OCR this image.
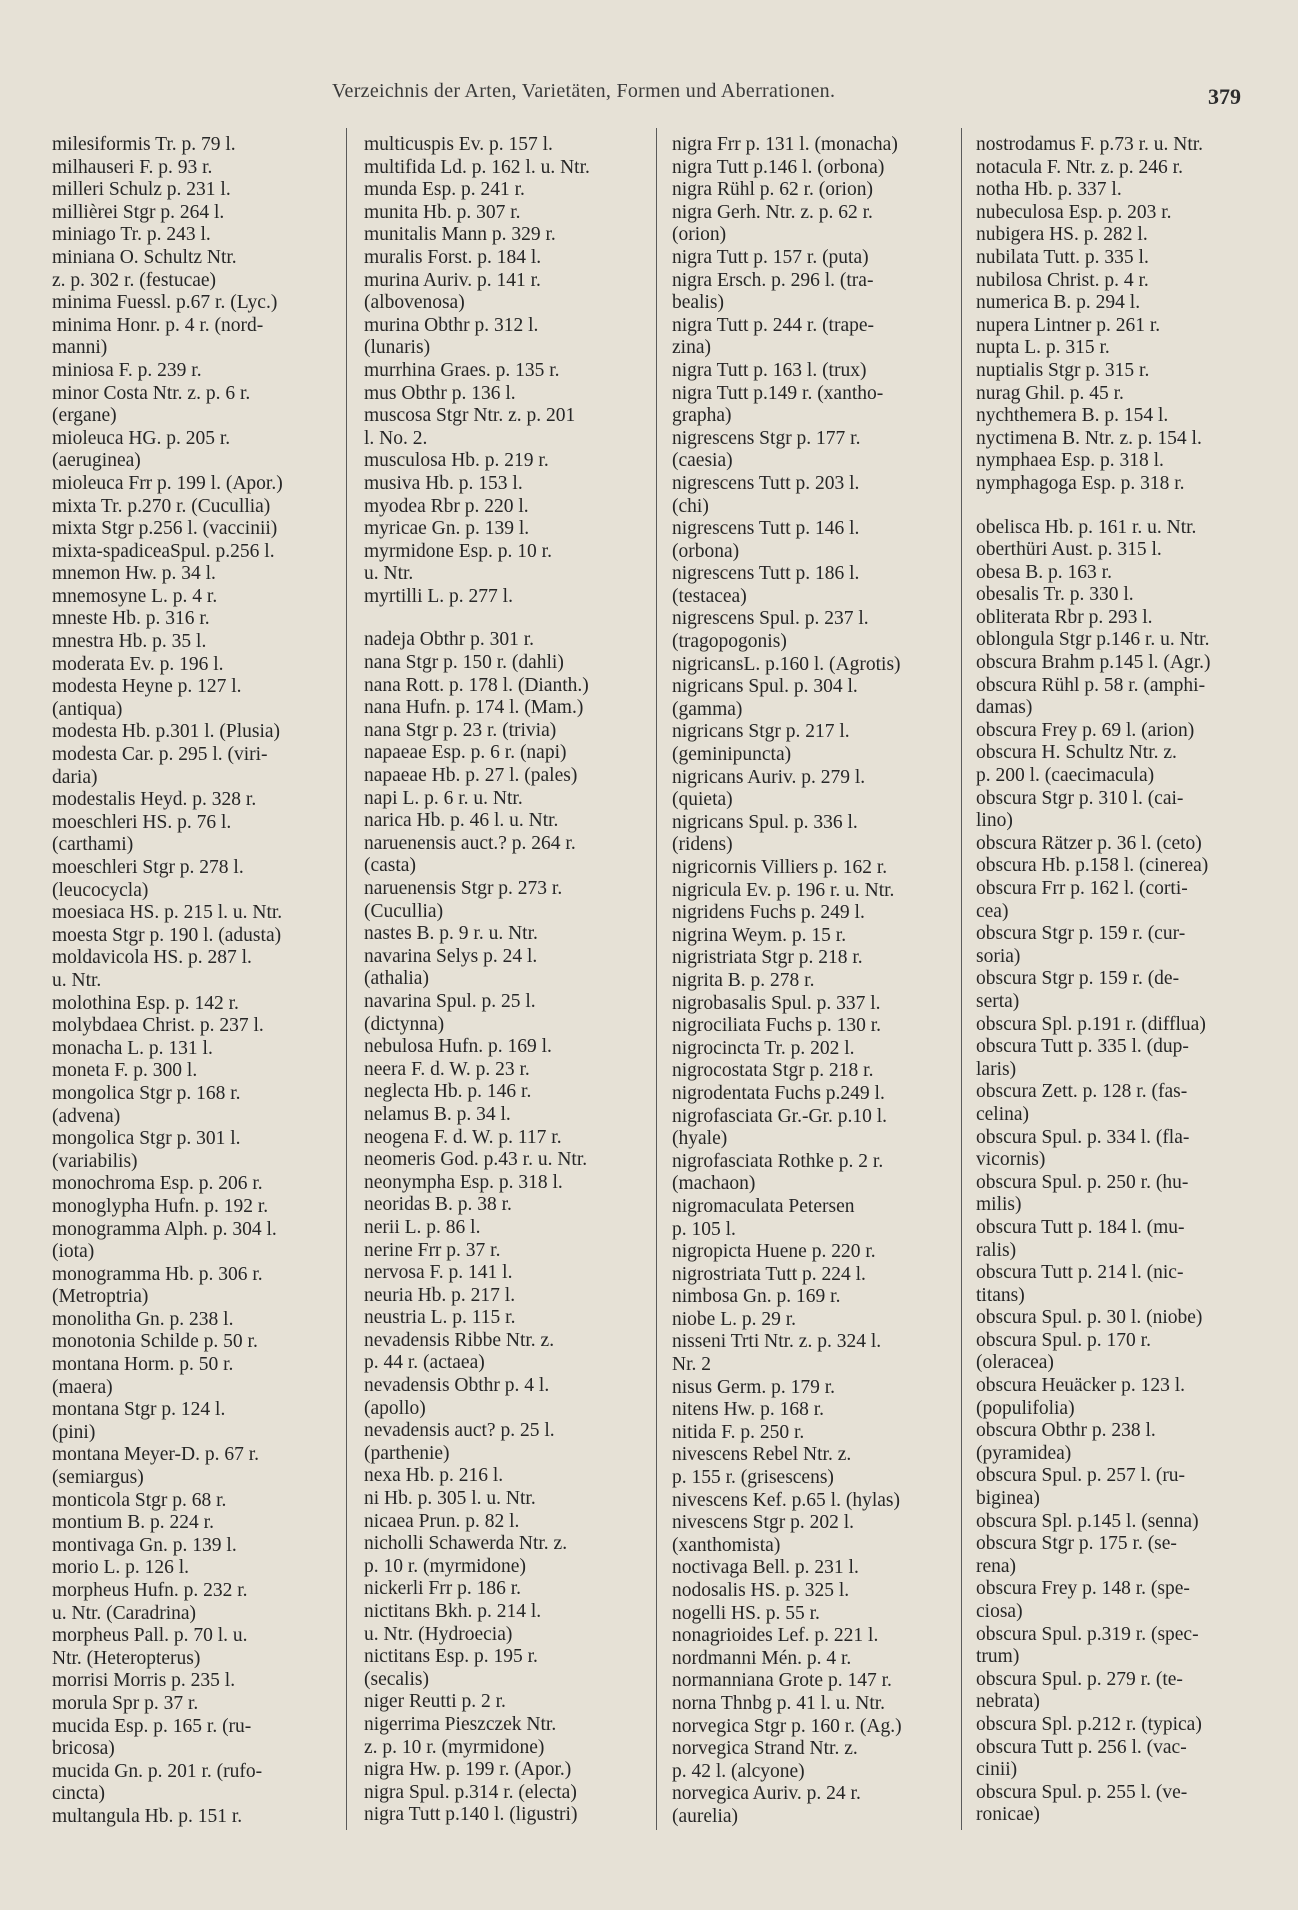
Verzeichnis der Arten, Varietäten, Formen und Aberrationen.	379
milesiformis Tr. p. 79 l.
milhauseri F. p. 93 r.
milleri Schulz p. 231 l.
millièrei Stgr p. 264 l.
miniago Tr. p. 243 l.
miniana O. Schultz Ntr.
z. p. 302 r. (festucae)
minima Fuessl. p.67 r. (Lyc.)
minima Honr. p. 4 r. (nord-
manni)
miniosa F. p. 239 r.
minor Costa Ntr. z. p. 6 r.
(ergane)
mioleuca HG. p. 205 r.
(aeruginea)
mioleuca Frr p. 199 l. (Apor.)
mixta Tr. p.270 r. (Cucullia)
mixta Stgr p.256 l. (vaccinii)
mixta-spadiceaSpul. p.256 l.
mnemon Hw. p. 34 l.
mnemosyne L. p. 4 r.
mneste Hb. p. 316 r.
mnestra Hb. p. 35 l.
moderata Ev. p. 196 l.
modesta Heyne p. 127 l.
(antiqua)
modesta Hb. p.301 l. (Plusia)
modesta Car. p. 295 l. (viri-
daria)
modestalis Heyd. p. 328 r.
moeschleri HS. p. 76 l.
(carthami)
moeschleri Stgr p. 278 l.
(leucocycla)
moesiaca HS. p. 215 l. u. Ntr.
moesta Stgr p. 190 l. (adusta)
moldavicola HS. p. 287 l.
u. Ntr.
molothina Esp. p. 142 r.
molybdaea Christ. p. 237 l.
monacha L. p. 131 l.
moneta F. p. 300 l.
mongolica Stgr p. 168 r.
(advena)
mongolica Stgr p. 301 l.
(variabilis)
monochroma Esp. p. 206 r.
monoglypha Hufn. p. 192 r.
monogramma Alph. p. 304 l.
(iota)
monogramma Hb. p. 306 r.
(Metroptria)
monolitha Gn. p. 238 l.
monotonia Schilde p. 50 r.
montana Horm. p. 50 r.
(maera)
montana Stgr p. 124 l.
(pini)
montana Meyer-D. p. 67 r.
(semiargus)
monticola Stgr p. 68 r.
montium B. p. 224 r.
montivaga Gn. p. 139 l.
morio L. p. 126 l.
morpheus Hufn. p. 232 r.
u. Ntr. (Caradrina)
morpheus Pall. p. 70 l. u.
Ntr. (Heteropterus)
morrisi Morris p. 235 l.
morula Spr p. 37 r.
mucida Esp. p. 165 r. (ru-
bricosa)
mucida Gn. p. 201 r. (rufo-
cincta)
multangula Hb. p. 151 r.
multicuspis Ev. p. 157 l.
multifida Ld. p. 162 l. u. Ntr.
munda Esp. p. 241 r.
munita Hb. p. 307 r.
munitalis Mann p. 329 r.
muralis Forst. p. 184 l.
murina Auriv. p. 141 r.
(albovenosa)
murina Obthr p. 312 l.
(lunaris)
murrhina Graes. p. 135 r.
mus Obthr p. 136 l.
muscosa Stgr Ntr. z. p. 201
l. No. 2.
musculosa Hb. p. 219 r.
musiva Hb. p. 153 l.
myodea Rbr p. 220 l.
myricae Gn. p. 139 l.
myrmidone Esp. p. 10 r.
u. Ntr.
myrtilli L. p. 277 l.
nadeja Obthr p. 301 r.
nana Stgr p. 150 r. (dahli)
nana Rott. p. 178 l. (Dianth.)
nana Hufn. p. 174 l. (Mam.)
nana Stgr p. 23 r. (trivia)
napaeae Esp. p. 6 r. (napi)
napaeae Hb. p. 27 l. (pales)
napi L. p. 6 r. u. Ntr.
narica Hb. p. 46 l. u. Ntr.
naruenensis auct.? p. 264 r.
(casta)
naruenensis Stgr p. 273 r.
(Cucullia)
nastes B. p. 9 r. u. Ntr.
navarina Selys p. 24 l.
(athalia)
navarina Spul. p. 25 l.
(dictynna)
nebulosa Hufn. p. 169 l.
neera F. d. W. p. 23 r.
neglecta Hb. p. 146 r.
nelamus B. p. 34 l.
neogena F. d. W. p. 117 r.
neomeris God. p.43 r. u. Ntr.
neonympha Esp. p. 318 l.
neoridas B. p. 38 r.
nerii L. p. 86 l.
nerine Frr p. 37 r.
nervosa F. p. 141 l.
neuria Hb. p. 217 l.
neustria L. p. 115 r.
nevadensis Ribbe Ntr. z.
p. 44 r. (actaea)
nevadensis Obthr p. 4 l.
(apollo)
nevadensis auct? p. 25 l.
(parthenie)
nexa Hb. p. 216 l.
ni Hb. p. 305 l. u. Ntr.
nicaea Prun. p. 82 l.
nicholli Schawerda Ntr. z.
p. 10 r. (myrmidone)
nickerli Frr p. 186 r.
nictitans Bkh. p. 214 l.
u. Ntr. (Hydroecia)
nictitans Esp. p. 195 r.
(secalis)
niger Reutti p. 2 r.
nigerrima Pieszczek Ntr.
z. p. 10 r. (myrmidone)
nigra Hw. p. 199 r. (Apor.)
nigra Spul. p.314 r. (electa)
nigra Tutt p.140 l. (ligustri)
nigra Frr p. 131 l. (monacha)
nigra Tutt p.146 l. (orbona)
nigra Rühl p. 62 r. (orion)
nigra Gerh. Ntr. z. p. 62 r.
(orion)
nigra Tutt p. 157 r. (puta)
nigra Ersch. p. 296 l. (tra-
bealis)
nigra Tutt p. 244 r. (trape-
zina)
nigra Tutt p. 163 l. (trux)
nigra Tutt p.149 r. (xantho-
grapha)
nigrescens Stgr p. 177 r.
(caesia)
nigrescens Tutt p. 203 l.
(chi)
nigrescens Tutt p. 146 l.
(orbona)
nigrescens Tutt p. 186 l.
(testacea)
nigrescens Spul. p. 237 l.
(tragopogonis)
nigricansL. p.160 l. (Agrotis)
nigricans Spul. p. 304 l.
(gamma)
nigricans Stgr p. 217 l.
(geminipuncta)
nigricans Auriv. p. 279 l.
(quieta)
nigricans Spul. p. 336 l.
(ridens)
nigricornis Villiers p. 162 r.
nigricula Ev. p. 196 r. u. Ntr.
nigridens Fuchs p. 249 l.
nigrina Weym. p. 15 r.
nigristriata Stgr p. 218 r.
nigrita B. p. 278 r.
nigrobasalis Spul. p. 337 l.
nigrociliata Fuchs p. 130 r.
nigrocincta Tr. p. 202 l.
nigrocostata Stgr p. 218 r.
nigrodentata Fuchs p.249 l.
nigrofasciata Gr.-Gr. p.10 l.
(hyale)
nigrofasciata Rothke p. 2 r.
(machaon)
nigromaculata Petersen
p. 105 l.
nigropicta Huene p. 220 r.
nigrostriata Tutt p. 224 l.
nimbosa Gn. p. 169 r.
niobe L. p. 29 r.
nisseni Trti Ntr. z. p. 324 l.
Nr. 2
nisus Germ. p. 179 r.
nitens Hw. p. 168 r.
nitida F. p. 250 r.
nivescens Rebel Ntr. z.
p. 155 r. (grisescens)
nivescens Kef. p.65 l. (hylas)
nivescens Stgr p. 202 l.
(xanthomista)
noctivaga Bell. p. 231 l.
nodosalis HS. p. 325 l.
nogelli HS. p. 55 r.
nonagrioides Lef. p. 221 l.
nordmanni Mén. p. 4 r.
normanniana Grote p. 147 r.
norna Thnbg p. 41 l. u. Ntr.
norvegica Stgr p. 160 r. (Ag.)
norvegica Strand Ntr. z.
p. 42 l. (alcyone)
norvegica Auriv. p. 24 r.
(aurelia)
nostrodamus F. p.73 r. u. Ntr.
notacula F. Ntr. z. p. 246 r.
notha Hb. p. 337 l.
nubeculosa Esp. p. 203 r.
nubigera HS. p. 282 l.
nubilata Tutt. p. 335 l.
nubilosa Christ. p. 4 r.
numerica B. p. 294 l.
nupera Lintner p. 261 r.
nupta L. p. 315 r.
nuptialis Stgr p. 315 r.
nurag Ghil. p. 45 r.
nychthemera B. p. 154 l.
nyctimena B. Ntr. z. p. 154 l.
nymphaea Esp. p. 318 l.
nymphagoga Esp. p. 318 r.
obelisca Hb. p. 161 r. u. Ntr.
oberthüri Aust. p. 315 l.
obesa B. p. 163 r.
obesalis Tr. p. 330 l.
obliterata Rbr p. 293 l.
oblongula Stgr p.146 r. u. Ntr.
obscura Brahm p.145 l. (Agr.)
obscura Rühl p. 58 r. (amphi-
damas)
obscura Frey p. 69 l. (arion)
obscura H. Schultz Ntr. z.
p. 200 l. (caecimacula)
obscura Stgr p. 310 l. (cai-
lino)
obscura Rätzer p. 36 l. (ceto)
obscura Hb. p.158 l. (cinerea)
obscura Frr p. 162 l. (corti-
cea)
obscura Stgr p. 159 r. (cur-
soria)
obscura Stgr p. 159 r. (de-
serta)
obscura Spl. p.191 r. (difflua)
obscura Tutt p. 335 l. (dup-
laris)
obscura Zett. p. 128 r. (fas-
celina)
obscura Spul. p. 334 l. (fla-
vicornis)
obscura Spul. p. 250 r. (hu-
milis)
obscura Tutt p. 184 l. (mu-
ralis)
obscura Tutt p. 214 l. (nic-
titans)
obscura Spul. p. 30 l. (niobe)
obscura Spul. p. 170 r.
(oleracea)
obscura Heuäcker p. 123 l.
(populifolia)
obscura Obthr p. 238 l.
(pyramidea)
obscura Spul. p. 257 l. (ru-
biginea)
obscura Spl. p.145 l. (senna)
obscura Stgr p. 175 r. (se-
rena)
obscura Frey p. 148 r. (spe-
ciosa)
obscura Spul. p.319 r. (spec-
trum)
obscura Spul. p. 279 r. (te-
nebrata)
obscura Spl. p.212 r. (typica)
obscura Tutt p. 256 l. (vac-
cinii)
obscura Spul. p. 255 l. (ve-
ronicae)
